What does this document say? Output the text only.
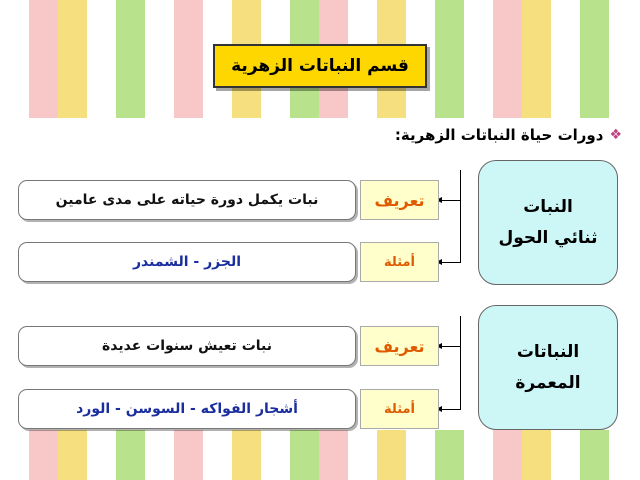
قسم النباتات الزهرية
❖
دورات حياة النباتات الزهرية:
النبات
ثنائي الحول
تعريف
أمثلة
نبات يكمل دورة حياته على مدى عامين
الجزر - الشمندر
النباتات
المعمرة
تعريف
أمثلة
نبات تعيش سنوات عديدة
أشجار الفواكه - السوسن - الورد
